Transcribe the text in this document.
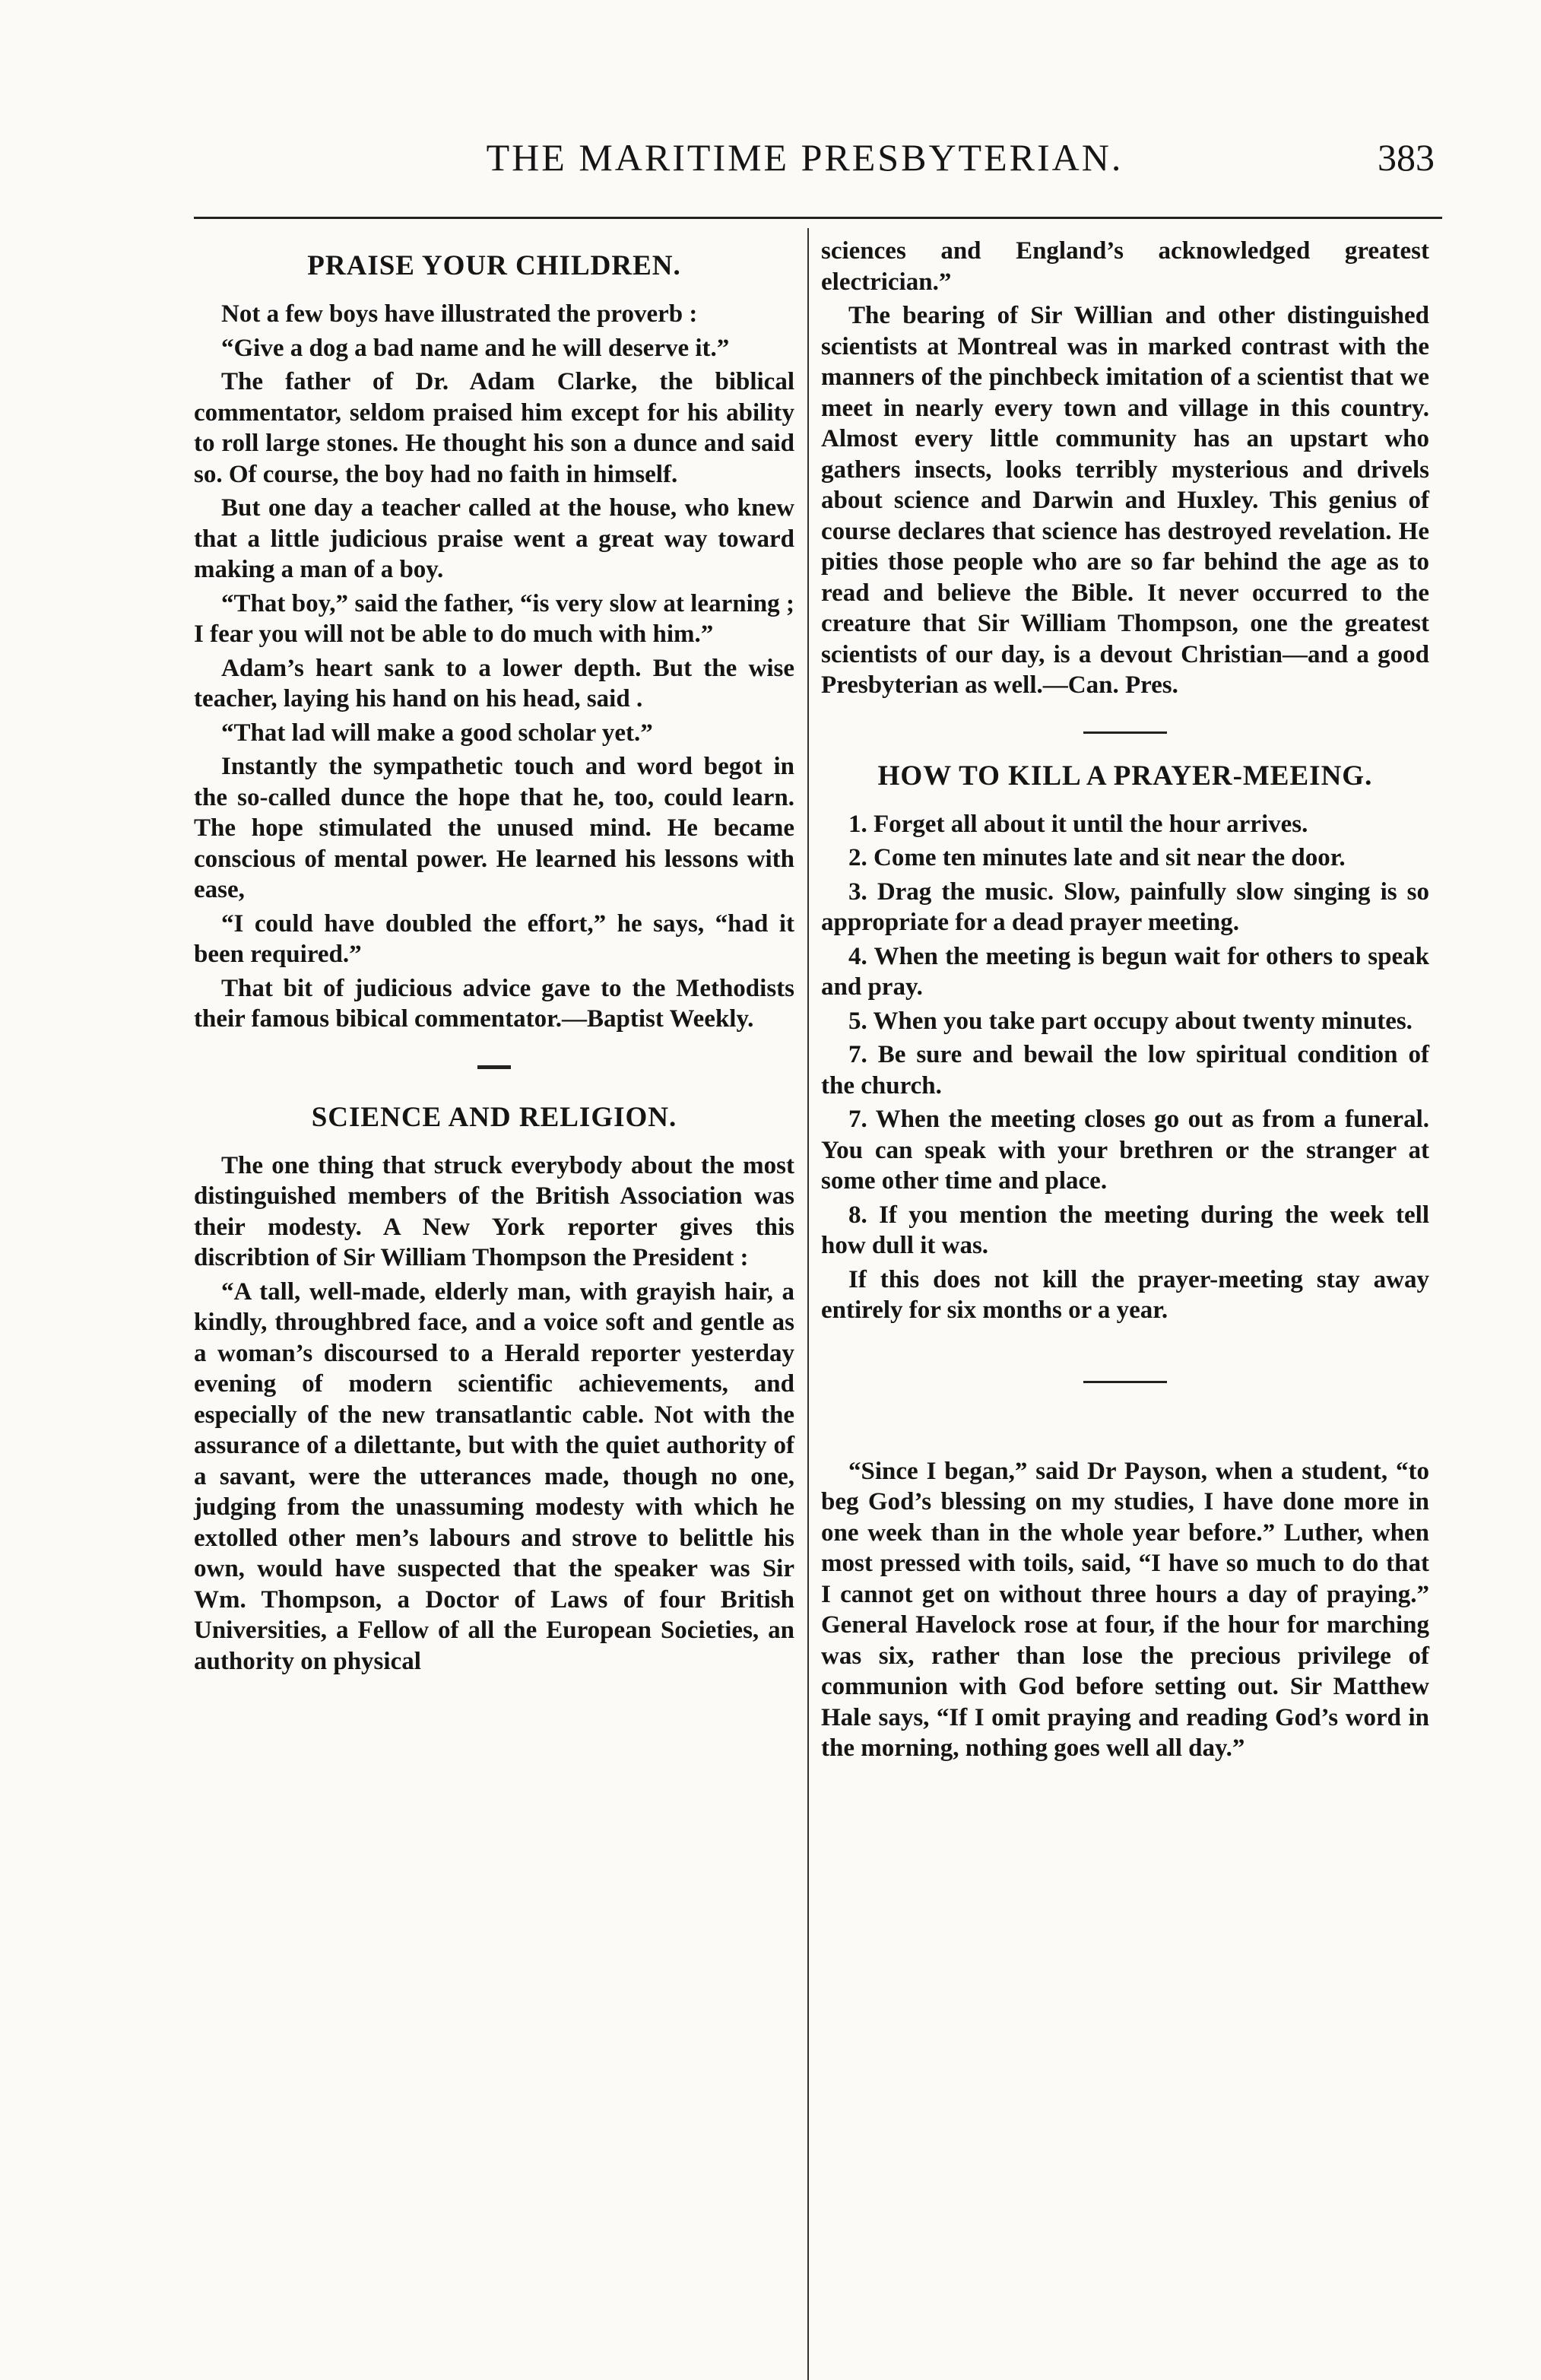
THE MARITIME PRESBYTERIAN.	383
PRAISE YOUR CHILDREN.

Not a few boys have illustrated the proverb :

“Give a dog a bad name and he will deserve it.”

The father of Dr. Adam Clarke, the biblical commentator, seldom praised him except for his ability to roll large stones. He thought his son a dunce and said so. Of course, the boy had no faith in himself.

But one day a teacher called at the house, who knew that a little judicious praise went a great way toward making a man of a boy.

“That boy,” said the father, “is very slow at learning ; I fear you will not be able to do much with him.”

Adam’s heart sank to a lower depth. But the wise teacher, laying his hand on his head, said .

“That lad will make a good scholar yet.”

Instantly the sympathetic touch and word begot in the so-called dunce the hope that he, too, could learn. The hope stimulated the unused mind. He became conscious of mental power. He learned his lessons with ease,

“I could have doubled the effort,” he says, “had it been required.”

That bit of judicious advice gave to the Methodists their famous bibical commentator.—Baptist Weekly.

SCIENCE AND RELIGION.

The one thing that struck everybody about the most distinguished members of the British Association was their modesty. A New York reporter gives this discribtion of Sir William Thompson the President :

“A tall, well-made, elderly man, with grayish hair, a kindly, throughbred face, and a voice soft and gentle as a woman’s discoursed to a Herald reporter yesterday evening of modern scientific achievements, and especially of the new transatlantic cable. Not with the assurance of a dilettante, but with the quiet authority of a savant, were the utterances made, though no one, judging from the unassuming modesty with which he extolled other men’s labours and strove to belittle his own, would have suspected that the speaker was Sir Wm. Thompson, a Doctor of Laws of four British Universities, a Fellow of all the European Societies, an authority on physical

sciences and England’s acknowledged greatest electrician.”

The bearing of Sir Willian and other distinguished scientists at Montreal was in marked contrast with the manners of the pinchbeck imitation of a scientist that we meet in nearly every town and village in this country. Almost every little community has an upstart who gathers insects, looks terribly mysterious and drivels about science and Darwin and Huxley. This genius of course declares that science has destroyed revelation. He pities those people who are so far behind the age as to read and believe the Bible. It never occurred to the creature that Sir William Thompson, one the greatest scientists of our day, is a devout Christian—and a good Presbyterian as well.—Can. Pres.

HOW TO KILL A PRAYER-MEEING.

1. Forget all about it until the hour arrives.

2. Come ten minutes late and sit near the door.

3. Drag the music. Slow, painfully slow singing is so appropriate for a dead prayer meeting.

4. When the meeting is begun wait for others to speak and pray.

5. When you take part occupy about twenty minutes.

7. Be sure and bewail the low spiritual condition of the church.

7. When the meeting closes go out as from a funeral. You can speak with your brethren or the stranger at some other time and place.

8. If you mention the meeting during the week tell how dull it was.

If this does not kill the prayer-meeting stay away entirely for six months or a year.

“Since I began,” said Dr Payson, when a student, “to beg God’s blessing on my studies, I have done more in one week than in the whole year before.” Luther, when most pressed with toils, said, “I have so much to do that I cannot get on without three hours a day of praying.” General Havelock rose at four, if the hour for marching was six, rather than lose the precious privilege of communion with God before setting out. Sir Matthew Hale says, “If I omit praying and reading God’s word in the morning, nothing goes well all day.”
